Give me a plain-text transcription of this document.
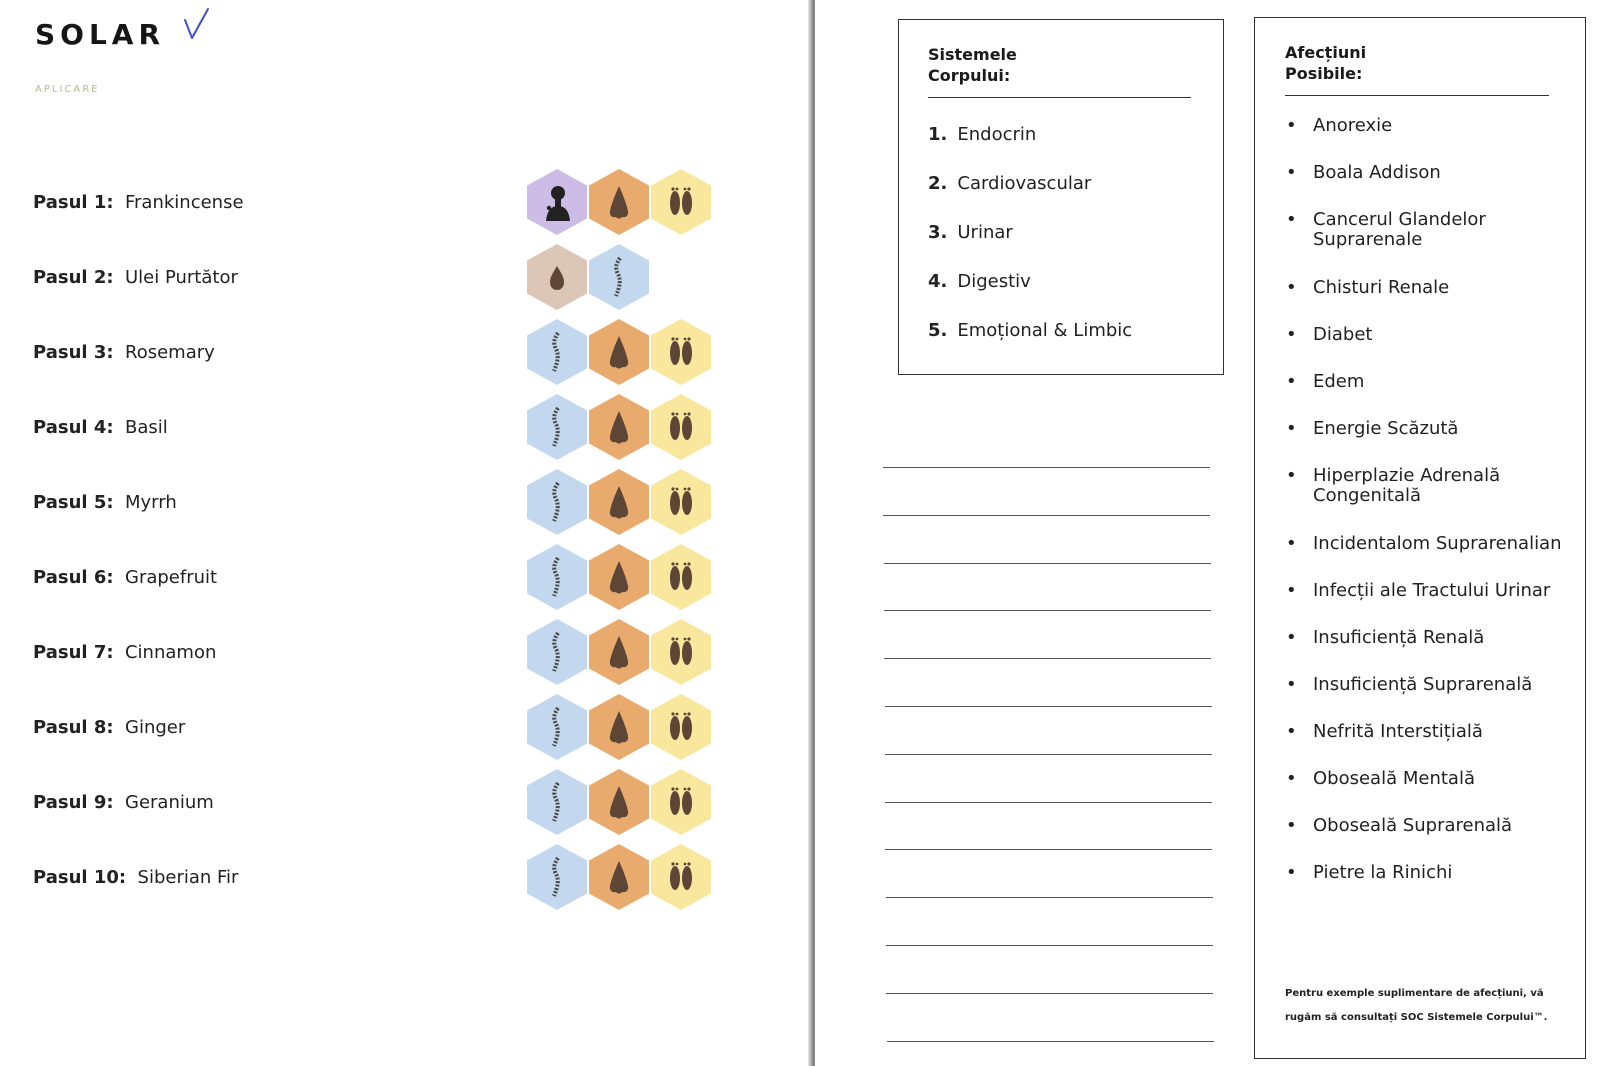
SOLAR
APLICARE
Pasul 1:  Frankincense
Pasul 2:  Ulei Purtător
Pasul 3:  Rosemary
Pasul 4:  Basil
Pasul 5:  Myrrh
Pasul 6:  Grapefruit
Pasul 7:  Cinnamon
Pasul 8:  Ginger
Pasul 9:  Geranium
Pasul 10:  Siberian Fir
Sistemele
Corpului:
1. Endocrin
2. Cardiovascular
3. Urinar
4. Digestiv
5. Emoțional & Limbic
Afecțiuni
Posibile:
• Anorexie
• Boala Addison
• Cancerul Glandelor Suprarenale
• Chisturi Renale
• Diabet
• Edem
• Energie Scăzută
• Hiperplazie Adrenală Congenitală
• Incidentalom Suprarenalian
• Infecții ale Tractului Urinar
• Insuficiență Renală
• Insuficiență Suprarenală
• Nefrită Interstițială
• Oboseală Mentală
• Oboseală Suprarenală
• Pietre la Rinichi
Pentru exemple suplimentare de afecțiuni, vă
rugăm să consultați SOC Sistemele Corpului™.
